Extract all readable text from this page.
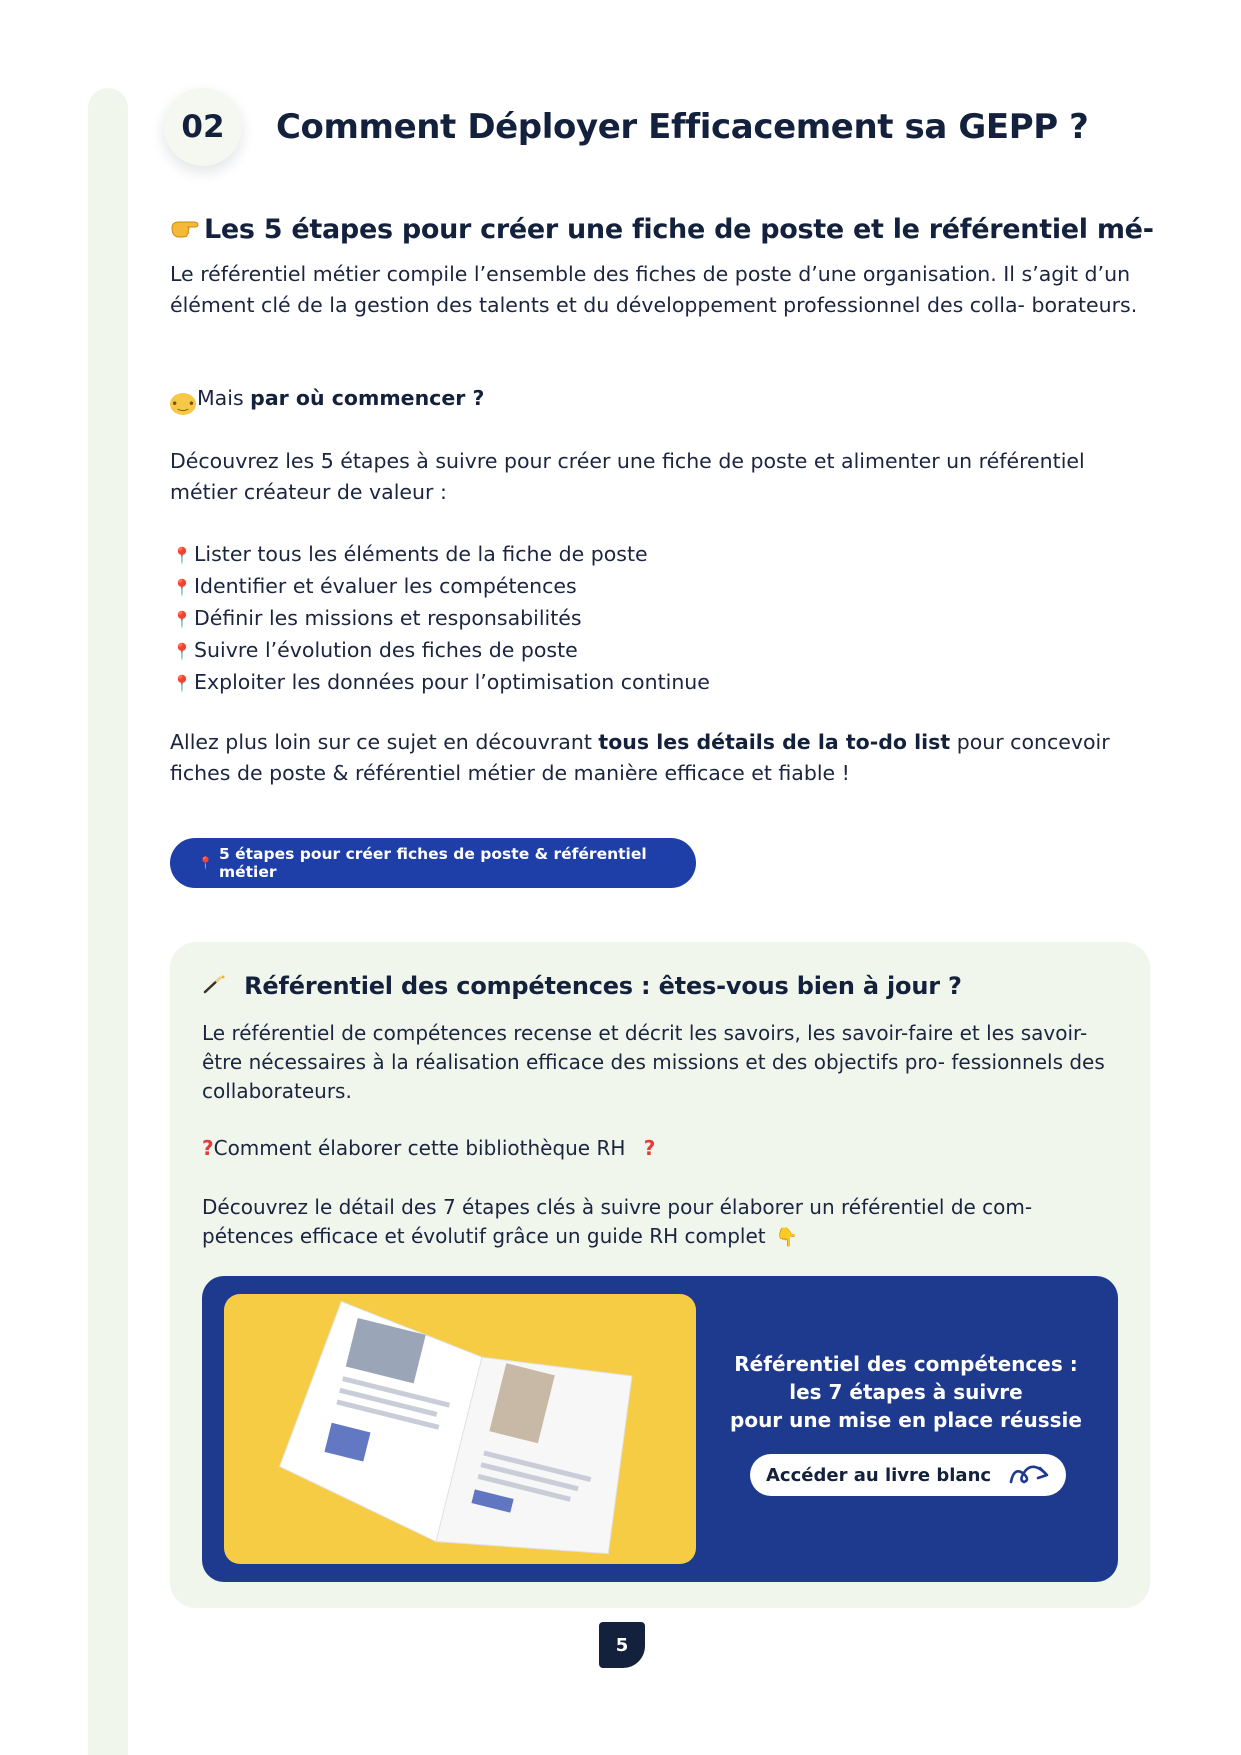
02	Comment Déployer Efficacement sa GEPP ?
Les 5 étapes pour créer une fiche de poste et le référentiel mé-

Le référentiel métier compile l’ensemble des fiches de poste d’une organisation. Il s’agit d’un élément clé de la gestion des talents et du développement professionnel des colla- borateurs.

•‿• Mais par où commencer ?

Découvrez les 5 étapes à suivre pour créer une fiche de poste et alimenter un référentiel métier créateur de valeur :

📍Lister tous les éléments de la fiche de poste

📍Identifier et évaluer les compétences

📍Définir les missions et responsabilités

📍Suivre l’évolution des fiches de poste

📍Exploiter les données pour l’optimisation continue

Allez plus loin sur ce sujet en découvrant tous les détails de la to-do list pour concevoir fiches de poste & référentiel métier de manière efficace et fiable !

📍 5 étapes pour créer fiches de poste & référentiel métier
Référentiel des compétences : êtes-vous bien à jour ?

Le référentiel de compétences recense et décrit les savoirs, les savoir-faire et les savoir-être nécessaires à la réalisation efficace des missions et des objectifs pro- fessionnels des collaborateurs.

?Comment élaborer cette bibliothèque RH ?

Découvrez le détail des 7 étapes clés à suivre pour élaborer un référentiel de com- pétences efficace et évolutif grâce un guide RH complet 👇

Référentiel des compétences :
les 7 étapes à suivre
pour une mise en place réussie
Accéder au livre blanc
5
